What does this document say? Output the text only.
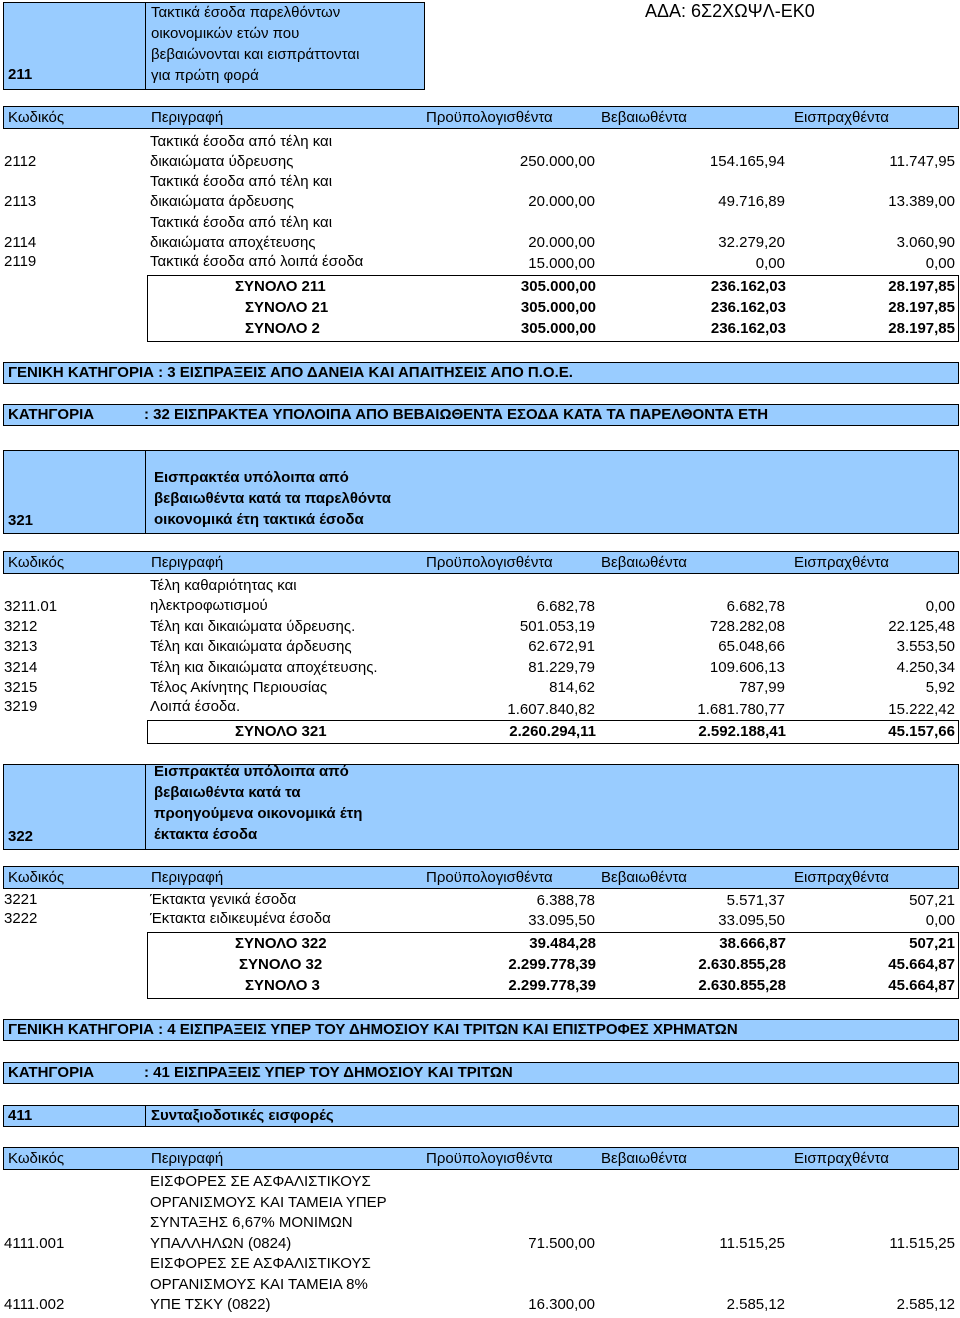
ΑΔΑ: 6Σ2ΧΩΨΛ-ΕΚ0
211
Τακτικά έσοδα παρελθόντων
οικονομικών ετών που
βεβαιώνονται και εισπράττονται
για πρώτη φορά
Κωδικός	Περιγραφή	Προϋπολογισθέντα	Βεβαιωθέντα	Εισπραχθέντα
2112
Τακτικά έσοδα από τέλη και
δικαιώματα ύδρευσης	250.000,00	154.165,94	11.747,95
2113
Τακτικά έσοδα από τέλη και
δικαιώματα άρδευσης	20.000,00	49.716,89	13.389,00
2114
Τακτικά έσοδα από τέλη και
δικαιώματα αποχέτευσης	20.000,00	32.279,20	3.060,90
2119	Τακτικά έσοδα από λοιπά έσοδα	15.000,00	0,00	0,00
ΣΥΝΟΛΟ 211	305.000,00	236.162,03	28.197,85
ΣΥΝΟΛΟ 21	305.000,00	236.162,03	28.197,85
ΣΥΝΟΛΟ 2	305.000,00	236.162,03	28.197,85
ΓΕΝΙΚΗ ΚΑΤΗΓΟΡΙΑ : 3 ΕΙΣΠΡΑΞΕΙΣ ΑΠΟ ΔΑΝΕΙΑ ΚΑΙ ΑΠΑΙΤΗΣΕΙΣ ΑΠΟ Π.Ο.Ε.
ΚΑΤΗΓΟΡΙΑ	: 32 ΕΙΣΠΡΑΚΤΕΑ ΥΠΟΛΟΙΠΑ ΑΠΟ ΒΕΒΑΙΩΘΕΝΤΑ ΕΣΟΔΑ ΚΑΤΑ ΤΑ ΠΑΡΕΛΘΟΝΤΑ ΕΤΗ
321
Εισπρακτέα υπόλοιπα από
βεβαιωθέντα κατά τα παρελθόντα
οικονομικά έτη τακτικά έσοδα
Κωδικός	Περιγραφή	Προϋπολογισθέντα	Βεβαιωθέντα	Εισπραχθέντα
3211.01
Τέλη καθαριότητας και
ηλεκτροφωτισμού	6.682,78	6.682,78	0,00
3212	Τέλη και δικαιώματα ύδρευσης.	501.053,19	728.282,08	22.125,48
3213	Τέλη και δικαιώματα άρδευσης	62.672,91	65.048,66	3.553,50
3214	Τέλη κια δικαιώματα αποχέτευσης.	81.229,79	109.606,13	4.250,34
3215	Τέλος Ακίνητης Περιουσίας	814,62	787,99	5,92
3219	Λοιπά έσοδα.	1.607.840,82	1.681.780,77	15.222,42
ΣΥΝΟΛΟ 321	2.260.294,11	2.592.188,41	45.157,66
322
Εισπρακτέα υπόλοιπα από
βεβαιωθέντα κατά τα
προηγούμενα οικονομικά έτη
έκτακτα έσοδα
Κωδικός	Περιγραφή	Προϋπολογισθέντα	Βεβαιωθέντα	Εισπραχθέντα
3221	Έκτακτα γενικά έσοδα	6.388,78	5.571,37	507,21
3222	Έκτακτα ειδικευμένα έσοδα	33.095,50	33.095,50	0,00
ΣΥΝΟΛΟ 322	39.484,28	38.666,87	507,21
ΣΥΝΟΛΟ 32	2.299.778,39	2.630.855,28	45.664,87
ΣΥΝΟΛΟ 3	2.299.778,39	2.630.855,28	45.664,87
ΓΕΝΙΚΗ ΚΑΤΗΓΟΡΙΑ : 4 ΕΙΣΠΡΑΞΕΙΣ ΥΠΕΡ ΤΟΥ ΔΗΜΟΣΙΟΥ ΚΑΙ ΤΡΙΤΩΝ ΚΑΙ ΕΠΙΣΤΡΟΦΕΣ ΧΡΗΜΑΤΩΝ
ΚΑΤΗΓΟΡΙΑ	: 41 ΕΙΣΠΡΑΞΕΙΣ ΥΠΕΡ ΤΟΥ ΔΗΜΟΣΙΟΥ ΚΑΙ ΤΡΙΤΩΝ
411	Συνταξιοδοτικές εισφορές
Κωδικός	Περιγραφή	Προϋπολογισθέντα	Βεβαιωθέντα	Εισπραχθέντα
4111.001
ΕΙΣΦΟΡΕΣ ΣΕ ΑΣΦΑΛΙΣΤΙΚΟΥΣ
ΟΡΓΑΝΙΣΜΟΥΣ ΚΑΙ ΤΑΜΕΙΑ ΥΠΕΡ
ΣΥΝΤΑΞΗΣ 6,67% ΜΟΝΙΜΩΝ
ΥΠΑΛΛΗΛΩΝ (0824)	71.500,00	11.515,25	11.515,25
4111.002
ΕΙΣΦΟΡΕΣ ΣΕ ΑΣΦΑΛΙΣΤΙΚΟΥΣ
ΟΡΓΑΝΙΣΜΟΥΣ ΚΑΙ ΤΑΜΕΙΑ 8%
ΥΠΕ ΤΣΚΥ (0822)	16.300,00	2.585,12	2.585,12
